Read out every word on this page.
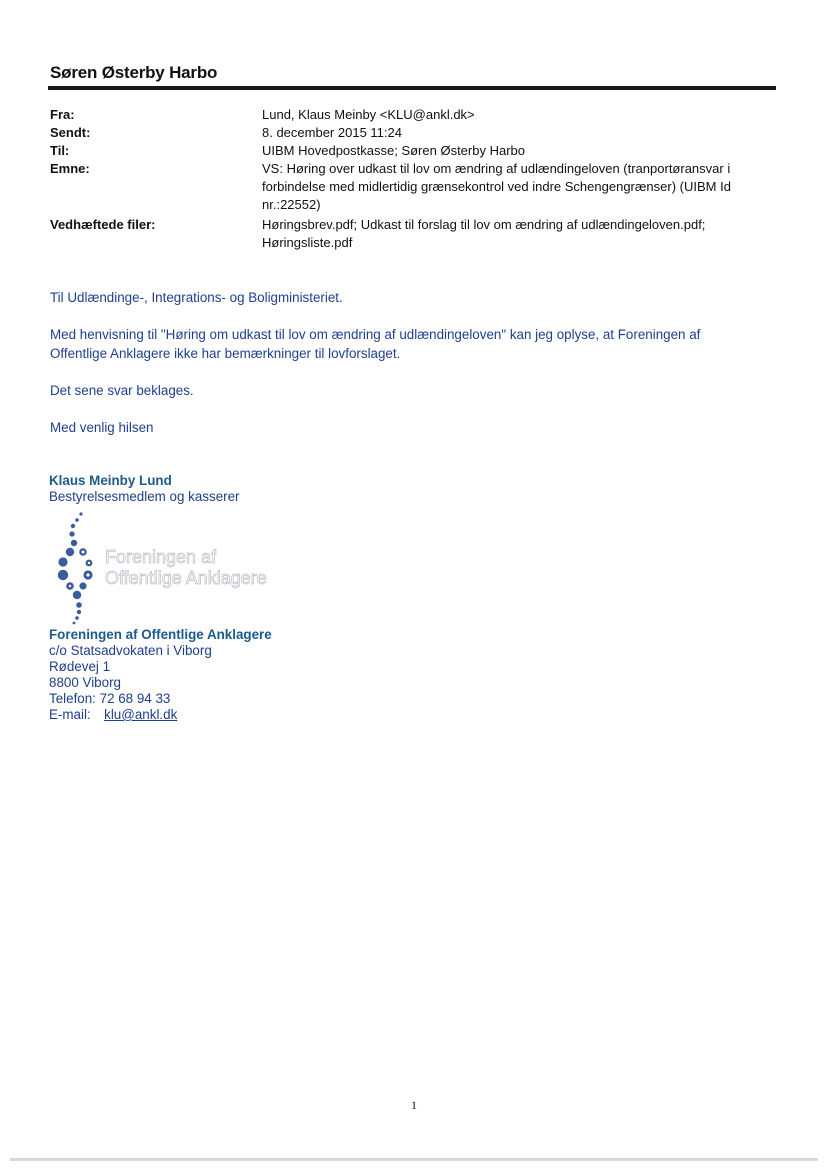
Søren Østerby Harbo
Fra:	Lund, Klaus Meinby <KLU@ankl.dk>
Sendt:	8. december 2015 11:24
Til:	UIBM Hovedpostkasse; Søren Østerby Harbo
Emne:	VS: Høring over udkast til lov om ændring af udlændingeloven (tranportøransvar i forbindelse med midlertidig grænsekontrol ved indre Schengengrænser) (UIBM Id nr.:22552)
Vedhæftede filer:	Høringsbrev.pdf; Udkast til forslag til lov om ændring af udlændingeloven.pdf; Høringsliste.pdf
Til Udlændinge-, Integrations- og Boligministeriet.
Med henvisning til "Høring om udkast til lov om ændring af udlændingeloven" kan jeg oplyse, at Foreningen af Offentlige Anklagere ikke har bemærkninger til lovforslaget.
Det sene svar beklages.
Med venlig hilsen
Klaus Meinby Lund
Bestyrelsesmedlem og kasserer
Foreningen af
Offentlige Anklagere
Foreningen af Offentlige Anklagere
c/o Statsadvokaten i Viborg
Rødevej 1
8800 Viborg
Telefon: 72 68 94 33
E-mail: klu@ankl.dk
1
